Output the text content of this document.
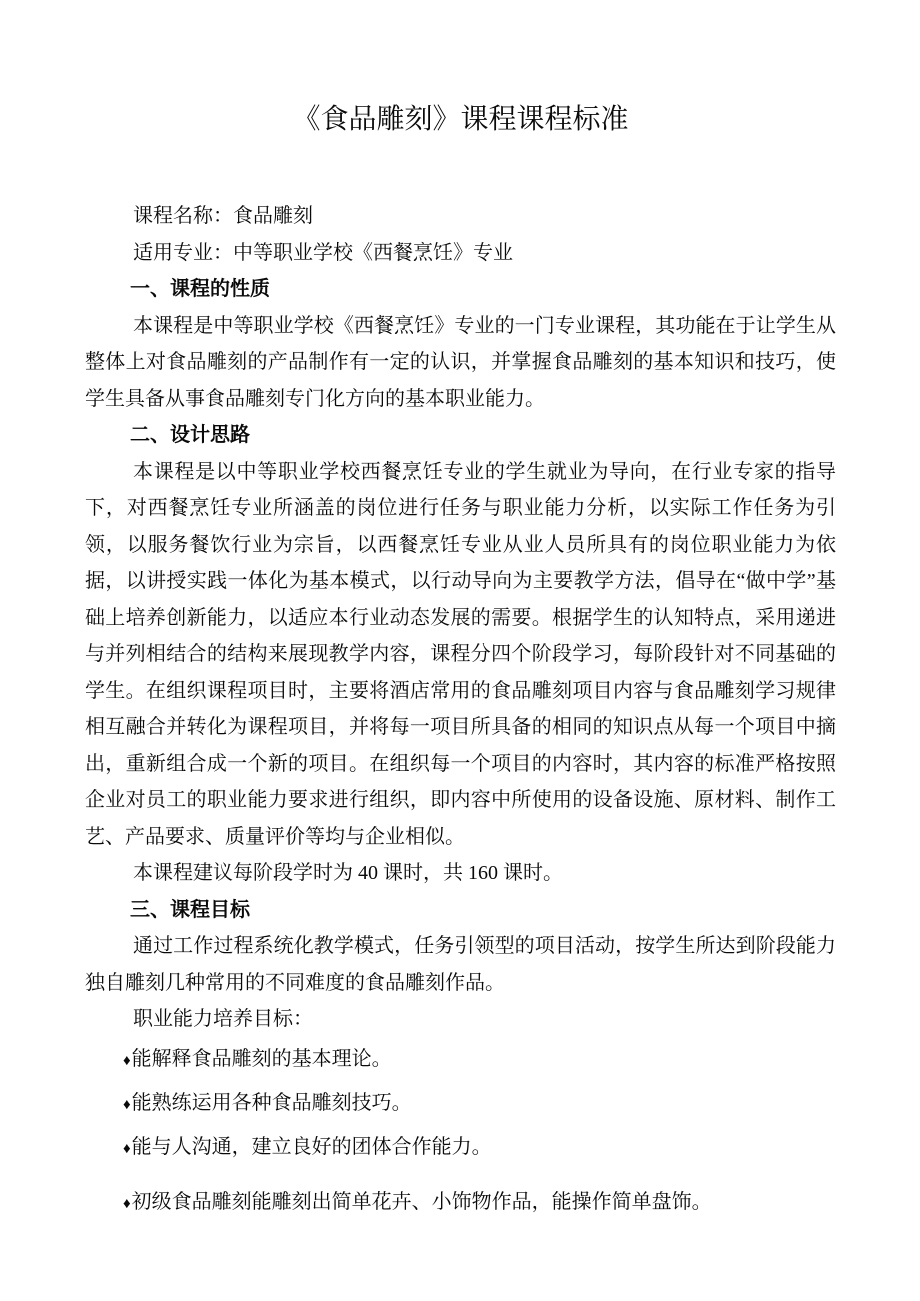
《食品雕刻》课程课程标准

课程名称：食品雕刻

适用专业：中等职业学校《西餐烹饪》专业

一、课程的性质

本课程是中等职业学校《西餐烹饪》专业的一门专业课程，其功能在于让学生从整体上对食品雕刻的产品制作有一定的认识，并掌握食品雕刻的基本知识和技巧，使学生具备从事食品雕刻专门化方向的基本职业能力。

二、设计思路

本课程是以中等职业学校西餐烹饪专业的学生就业为导向，在行业专家的指导下，对西餐烹饪专业所涵盖的岗位进行任务与职业能力分析，以实际工作任务为引领，以服务餐饮行业为宗旨，以西餐烹饪专业从业人员所具有的岗位职业能力为依据，以讲授实践一体化为基本模式，以行动导向为主要教学方法，倡导在“做中学”基础上培养创新能力，以适应本行业动态发展的需要。根据学生的认知特点，采用递进与并列相结合的结构来展现教学内容，课程分四个阶段学习，每阶段针对不同基础的学生。在组织课程项目时，主要将酒店常用的食品雕刻项目内容与食品雕刻学习规律相互融合并转化为课程项目，并将每一项目所具备的相同的知识点从每一个项目中摘出，重新组合成一个新的项目。在组织每一个项目的内容时，其内容的标准严格按照企业对员工的职业能力要求进行组织，即内容中所使用的设备设施、原材料、制作工艺、产品要求、质量评价等均与企业相似。

本课程建议每阶段学时为 40 课时，共 160 课时。

三、课程目标

通过工作过程系统化教学模式，任务引领型的项目活动，按学生所达到阶段能力独自雕刻几种常用的不同难度的食品雕刻作品。

职业能力培养目标：

♦能解释食品雕刻的基本理论。
♦能熟练运用各种食品雕刻技巧。
♦能与人沟通，建立良好的团体合作能力。
♦初级食品雕刻能雕刻出简单花卉、小饰物作品，能操作简单盘饰。
